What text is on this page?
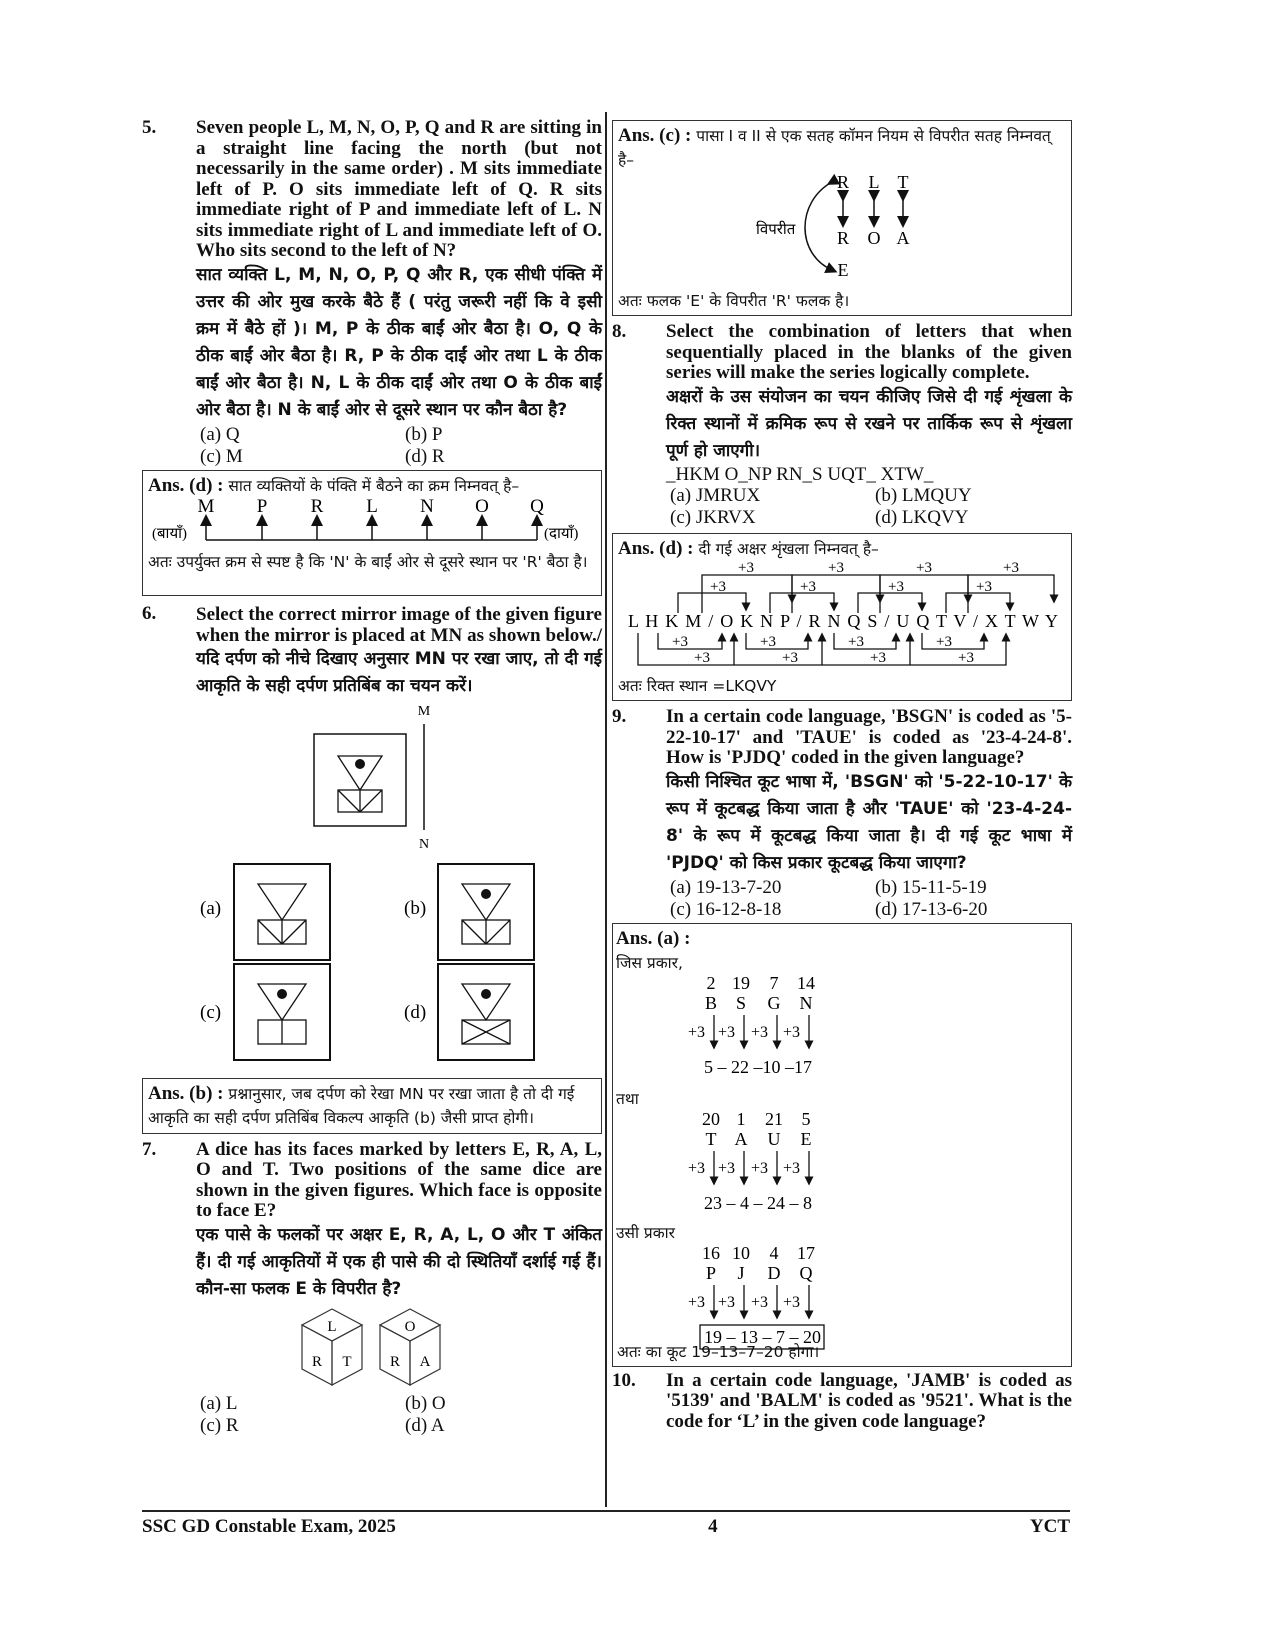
5. Seven people L, M, N, O, P, Q and R are sitting in a straight line facing the north (but not necessarily in the same order) . M sits immediate left of P. O sits immediate left of Q. R sits immediate right of P and immediate left of L. N sits immediate right of L and immediate left of O. Who sits second to the left of N?
सात व्यक्ति L, M, N, O, P, Q और R, एक सीधी पंक्ति में उत्तर की ओर मुख करके बैठे हैं ( परंतु जरूरी नहीं कि वे इसी क्रम में बैठे हों )। M, P के ठीक बाईं ओर बैठा है। O, Q के ठीक बाईं ओर बैठा है। R, P के ठीक दाईं ओर तथा L के ठीक बाईं ओर बैठा है। N, L के ठीक दाईं ओर तथा O के ठीक बाईं ओर बैठा है। N के बाईं ओर से दूसरे स्थान पर कौन बैठा है?
(a) Q	(b) P
(c) M	(d) R
Ans. (d) : सात व्यक्तियों के पंक्ति में बैठने का क्रम निम्नवत् है–
M P R L N O Q
(बायाँ)	(दायाँ)
अतः उपर्युक्त क्रम से स्पष्ट है कि 'N' के बाईं ओर से दूसरे स्थान पर 'R' बैठा है।
6. Select the correct mirror image of the given figure when the mirror is placed at MN as shown below./यदि दर्पण को नीचे दिखाए अनुसार MN पर रखा जाए, तो दी गई आकृति के सही दर्पण प्रतिबिंब का चयन करें।
M
N
(a)	(b)
(c)	(d)
Ans. (b) : प्रश्नानुसार, जब दर्पण को रेखा MN पर रखा जाता है तो दी गई आकृति का सही दर्पण प्रतिबिंब विकल्प आकृति (b) जैसी प्राप्त होगी।
7. A dice has its faces marked by letters E, R, A, L, O and T. Two positions of the same dice are shown in the given figures. Which face is opposite to face E?
एक पासे के फलकों पर अक्षर E, R, A, L, O और T अंकित हैं। दी गई आकृतियों में एक ही पासे की दो स्थितियाँ दर्शाई गई हैं। कौन-सा फलक E के विपरीत है?
L
R T
O
R A
(a) L	(b) O
(c) R	(d) A
Ans. (c) : पासा I व II से एक सतह कॉमन नियम से विपरीत सतह निम्नवत् है–
R L T
R O A
E
विपरीत
अतः फलक 'E' के विपरीत 'R' फलक है।
8. Select the combination of letters that when sequentially placed in the blanks of the given series will make the series logically complete.
अक्षरों के उस संयोजन का चयन कीजिए जिसे दी गई शृंखला के रिक्त स्थानों में क्रमिक रूप से रखने पर तार्किक रूप से शृंखला पूर्ण हो जाएगी।
_HKM O_NP RN_S UQT_ XTW_
(a) JMRUX	(b) LMQUY
(c) JKRVX	(d) LKQVY
Ans. (d) : दी गई अक्षर शृंखला निम्नवत् है–
+3	+3	+3	+3
+3	+3	+3	+3
L H K M / O K N P / R N Q S / U Q T V / X T W Y
+3	+3	+3	+3
+3	+3	+3	+3
अतः रिक्त स्थान =LKQVY
9. In a certain code language, 'BSGN' is coded as '5-22-10-17' and 'TAUE' is coded as '23-4-24-8'. How is 'PJDQ' coded in the given language?
किसी निश्चित कूट भाषा में, 'BSGN' को '5-22-10-17' के रूप में कूटबद्ध किया जाता है और 'TAUE' को '23-4-24-8' के रूप में कूटबद्ध किया जाता है। दी गई कूट भाषा में 'PJDQ' को किस प्रकार कूटबद्ध किया जाएगा?
(a) 19-13-7-20	(b) 15-11-5-19
(c) 16-12-8-18	(d) 17-13-6-20
Ans. (a) :
जिस प्रकार,
2 19 7 14
B S G N
+3 +3 +3 +3
5 – 22 –10 –17
तथा
20 1 21 5
T A U E
+3 +3 +3 +3
23 – 4 – 24 – 8
उसी प्रकार
16 10 4 17
P J D Q
+3 +3 +3 +3
19 – 13 – 7 – 20
अतः का कूट 19–13–7–20 होगा।
10. In a certain code language, 'JAMB' is coded as '5139' and 'BALM' is coded as '9521'. What is the code for ‘L’ in the given code language?
SSC GD Constable Exam, 2025	4	YCT
